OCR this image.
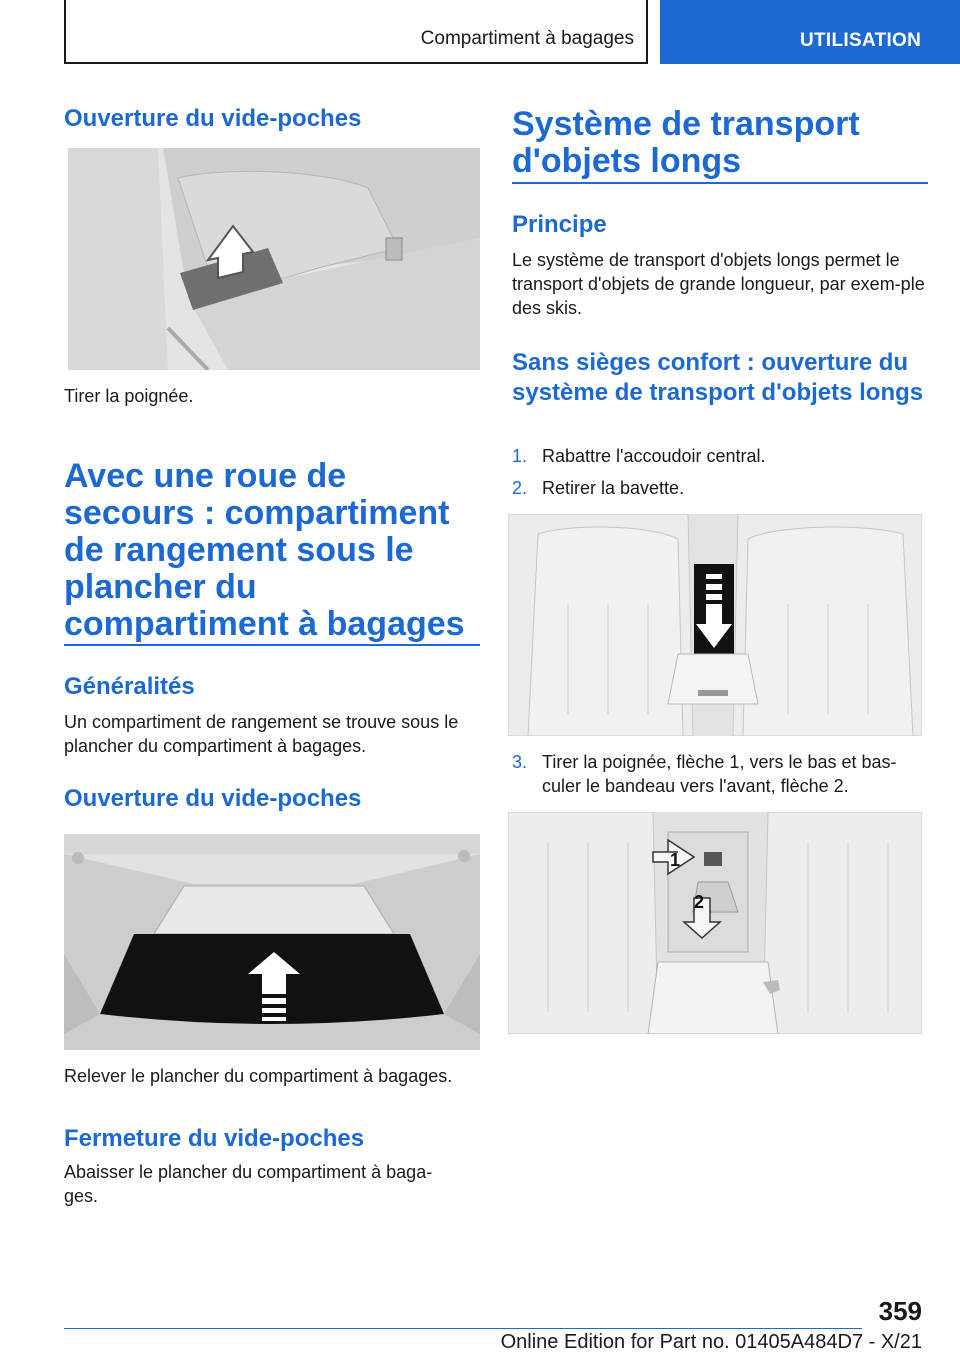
Compartiment à bagages	UTILISATION
Ouverture du vide-poches

Tirer la poignée.

Avec une roue de secours : compartiment de rangement sous le plancher du compartiment à bagages
Généralités

Un compartiment de rangement se trouve sous le plancher du compartiment à bagages.

Ouverture du vide-poches

Relever le plancher du compartiment à bagages.

Fermeture du vide-poches

Abaisser le plancher du compartiment à baga-ges.

Système de transport d'objets longs
Principe

Le système de transport d'objets longs permet le transport d'objets de grande longueur, par exem-ple des skis.

Sans sièges confort : ouverture du système de transport d'objets longs
1. Rabattre l'accoudoir central.
2. Retirer la bavette.
3. Tirer la poignée, flèche 1, vers le bas et bas-culer le bandeau vers l'avant, flèche 2.
1
2
359
Online Edition for Part no. 01405A484D7 - X/21
